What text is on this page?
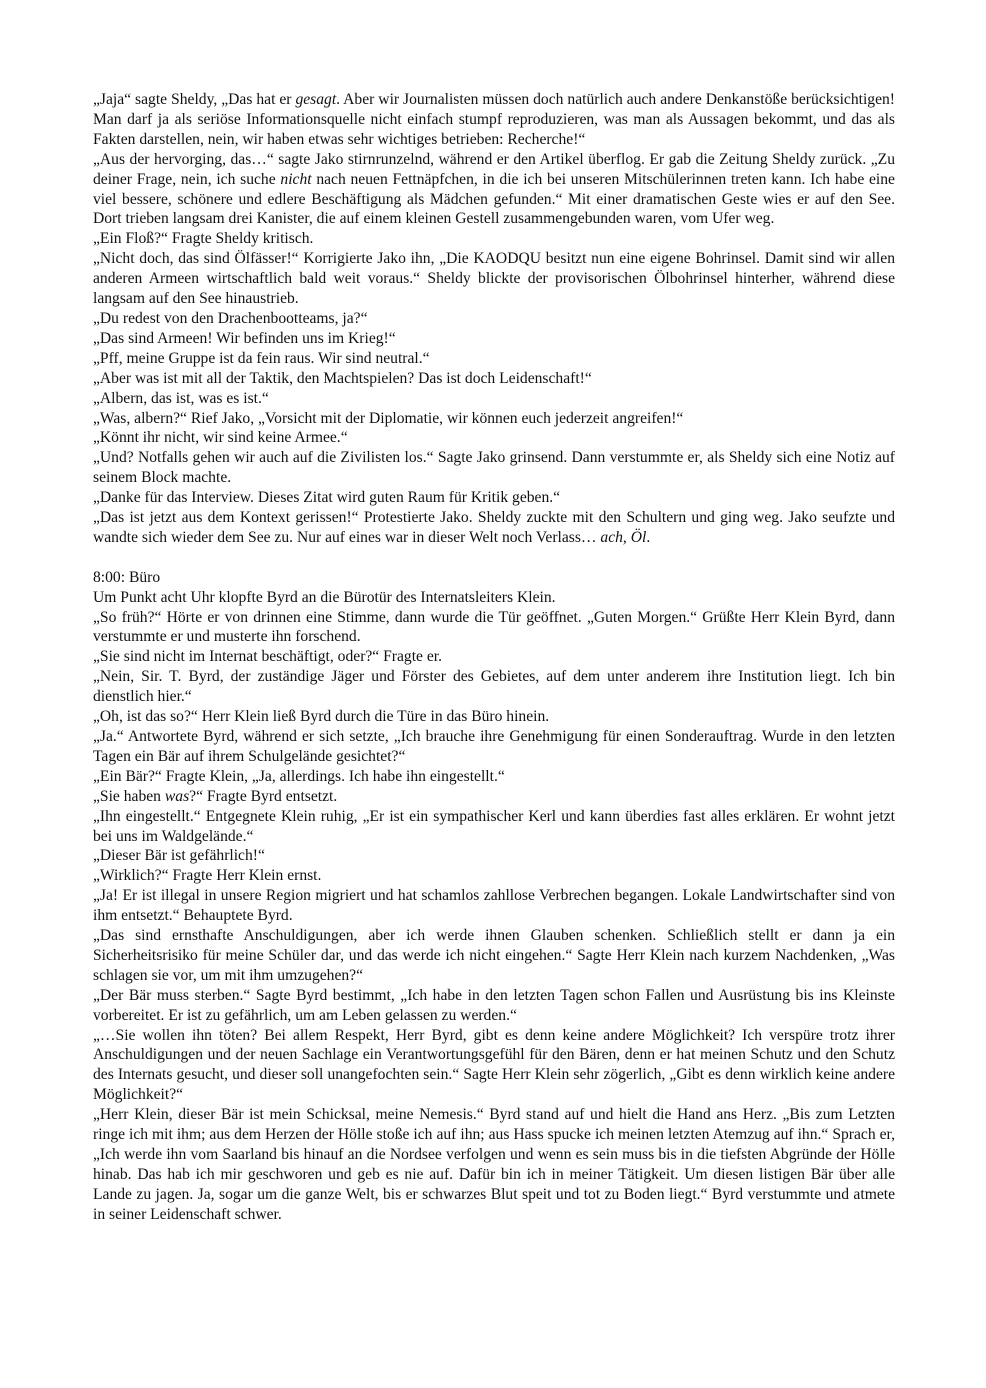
„Jaja“ sagte Sheldy, „Das hat er gesagt. Aber wir Journalisten müssen doch natürlich auch andere Denkanstöße berücksichtigen! Man darf ja als seriöse Informationsquelle nicht einfach stumpf reproduzieren, was man als Aussagen bekommt, und das als Fakten darstellen, nein, wir haben etwas sehr wichtiges betrieben: Recherche!“

„Aus der hervorging, das…“ sagte Jako stirnrunzelnd, während er den Artikel überflog. Er gab die Zeitung Sheldy zurück. „Zu deiner Frage, nein, ich suche nicht nach neuen Fettnäpfchen, in die ich bei unseren Mitschülerinnen treten kann. Ich habe eine viel bessere, schönere und edlere Beschäftigung als Mädchen gefunden.“ Mit einer dramatischen Geste wies er auf den See. Dort trieben langsam drei Kanister, die auf einem kleinen Gestell zusammengebunden waren, vom Ufer weg.

„Ein Floß?“ Fragte Sheldy kritisch.

„Nicht doch, das sind Ölfässer!“ Korrigierte Jako ihn, „Die KAODQU besitzt nun eine eigene Bohrinsel. Damit sind wir allen anderen Armeen wirtschaftlich bald weit voraus.“ Sheldy blickte der provisorischen Ölbohrinsel hinterher, während diese langsam auf den See hinaustrieb.

„Du redest von den Drachenbootteams, ja?“

„Das sind Armeen! Wir befinden uns im Krieg!“

„Pff, meine Gruppe ist da fein raus. Wir sind neutral.“

„Aber was ist mit all der Taktik, den Machtspielen? Das ist doch Leidenschaft!“

„Albern, das ist, was es ist.“

„Was, albern?“ Rief Jako, „Vorsicht mit der Diplomatie, wir können euch jederzeit angreifen!“

„Könnt ihr nicht, wir sind keine Armee.“

„Und? Notfalls gehen wir auch auf die Zivilisten los.“ Sagte Jako grinsend. Dann verstummte er, als Sheldy sich eine Notiz auf seinem Block machte.

„Danke für das Interview. Dieses Zitat wird guten Raum für Kritik geben.“

„Das ist jetzt aus dem Kontext gerissen!“ Protestierte Jako. Sheldy zuckte mit den Schultern und ging weg. Jako seufzte und wandte sich wieder dem See zu. Nur auf eines war in dieser Welt noch Verlass… ach, Öl.

8:00: Büro

Um Punkt acht Uhr klopfte Byrd an die Bürotür des Internatsleiters Klein.

„So früh?“ Hörte er von drinnen eine Stimme, dann wurde die Tür geöffnet. „Guten Morgen.“ Grüßte Herr Klein Byrd, dann verstummte er und musterte ihn forschend.

„Sie sind nicht im Internat beschäftigt, oder?“ Fragte er.

„Nein, Sir. T. Byrd, der zuständige Jäger und Förster des Gebietes, auf dem unter anderem ihre Institution liegt. Ich bin dienstlich hier.“

„Oh, ist das so?“ Herr Klein ließ Byrd durch die Türe in das Büro hinein.

„Ja.“ Antwortete Byrd, während er sich setzte, „Ich brauche ihre Genehmigung für einen Sonderauftrag. Wurde in den letzten Tagen ein Bär auf ihrem Schulgelände gesichtet?“

„Ein Bär?“ Fragte Klein, „Ja, allerdings. Ich habe ihn eingestellt.“

„Sie haben was?“ Fragte Byrd entsetzt.

„Ihn eingestellt.“ Entgegnete Klein ruhig, „Er ist ein sympathischer Kerl und kann überdies fast alles erklären. Er wohnt jetzt bei uns im Waldgelände.“

„Dieser Bär ist gefährlich!“

„Wirklich?“ Fragte Herr Klein ernst.

„Ja! Er ist illegal in unsere Region migriert und hat schamlos zahllose Verbrechen begangen. Lokale Landwirtschafter sind von ihm entsetzt.“ Behauptete Byrd.

„Das sind ernsthafte Anschuldigungen, aber ich werde ihnen Glauben schenken. Schließlich stellt er dann ja ein Sicherheitsrisiko für meine Schüler dar, und das werde ich nicht eingehen.“ Sagte Herr Klein nach kurzem Nachdenken, „Was schlagen sie vor, um mit ihm umzugehen?“

„Der Bär muss sterben.“ Sagte Byrd bestimmt, „Ich habe in den letzten Tagen schon Fallen und Ausrüstung bis ins Kleinste vorbereitet. Er ist zu gefährlich, um am Leben gelassen zu werden.“

„…Sie wollen ihn töten? Bei allem Respekt, Herr Byrd, gibt es denn keine andere Möglichkeit? Ich verspüre trotz ihrer Anschuldigungen und der neuen Sachlage ein Verantwortungsgefühl für den Bären, denn er hat meinen Schutz und den Schutz des Internats gesucht, und dieser soll unangefochten sein.“ Sagte Herr Klein sehr zögerlich, „Gibt es denn wirklich keine andere Möglichkeit?“

„Herr Klein, dieser Bär ist mein Schicksal, meine Nemesis.“ Byrd stand auf und hielt die Hand ans Herz. „Bis zum Letzten ringe ich mit ihm; aus dem Herzen der Hölle stoße ich auf ihn; aus Hass spucke ich meinen letzten Atemzug auf ihn.“ Sprach er, „Ich werde ihn vom Saarland bis hinauf an die Nordsee verfolgen und wenn es sein muss bis in die tiefsten Abgründe der Hölle hinab. Das hab ich mir geschworen und geb es nie auf. Dafür bin ich in meiner Tätigkeit. Um diesen listigen Bär über alle Lande zu jagen. Ja, sogar um die ganze Welt, bis er schwarzes Blut speit und tot zu Boden liegt.“ Byrd verstummte und atmete in seiner Leidenschaft schwer.
